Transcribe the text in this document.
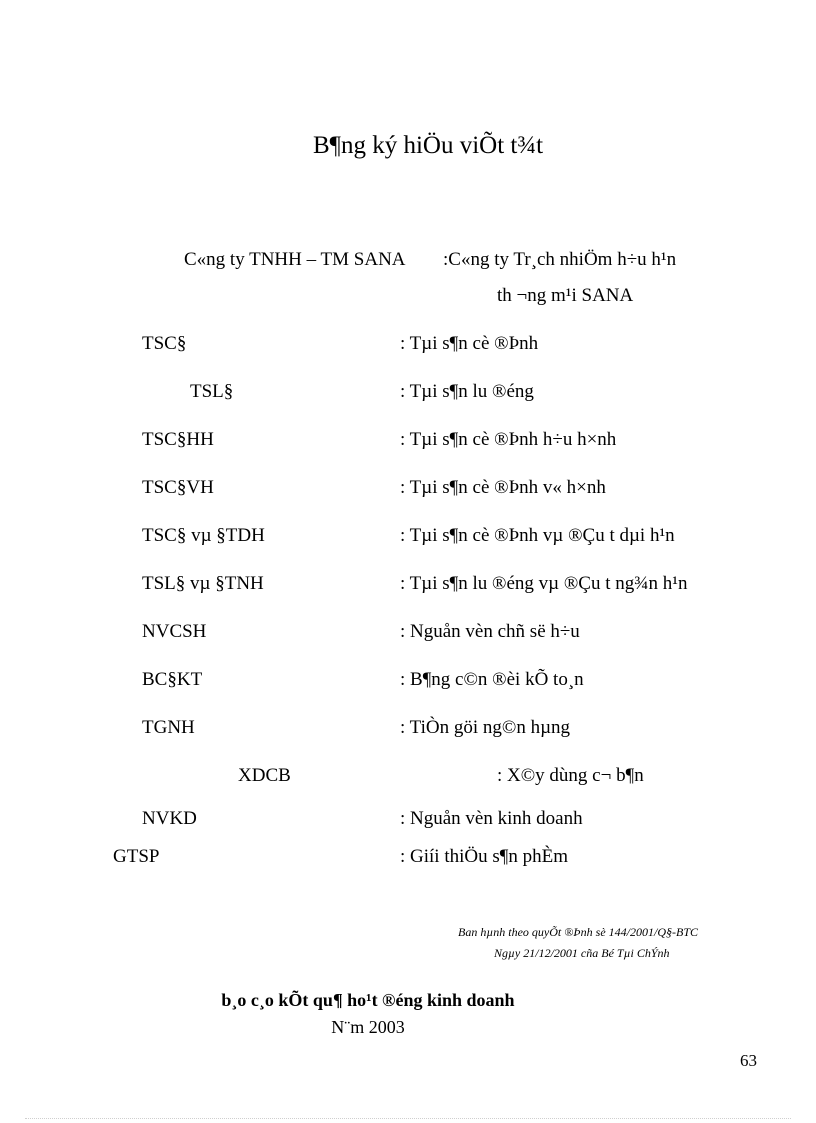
B¶ng ký hiÖu viÕt t¾t
C«ng ty TNHH – TM SANA :C«ng ty Tr¸ch nhiÖm h÷u h¹n
th ¬ng m¹i SANA
TSC§	: Tµi s¶n cè ®Þnh
TSL§	: Tµi s¶n lu ®éng
TSC§HH	: Tµi s¶n cè ®Þnh h÷u h×nh
TSC§VH	: Tµi s¶n cè ®Þnh v« h×nh
TSC§ vµ §TDH	: Tµi s¶n cè ®Þnh vµ ®Çu t dµi h¹n
TSL§ vµ §TNH	: Tµi s¶n lu ®éng vµ ®Çu t ng¾n h¹n
NVCSH	: Nguån vèn chñ së h÷u
BC§KT	: B¶ng c©n ®èi kÕ to¸n
TGNH	: TiÒn göi ng©n hµng
XDCB	: X©y dùng c¬ b¶n
NVKD	: Nguån vèn kinh doanh
GTSP	: Giíi thiÖu s¶n phÈm
Ban hµnh theo quyÕt ®Þnh sè 144/2001/Q§-BTC
Ngµy 21/12/2001 cña Bé Tµi ChÝnh
b¸o c¸o kÕt qu¶ ho¹t ®éng kinh doanh
N¨m 2003
63
